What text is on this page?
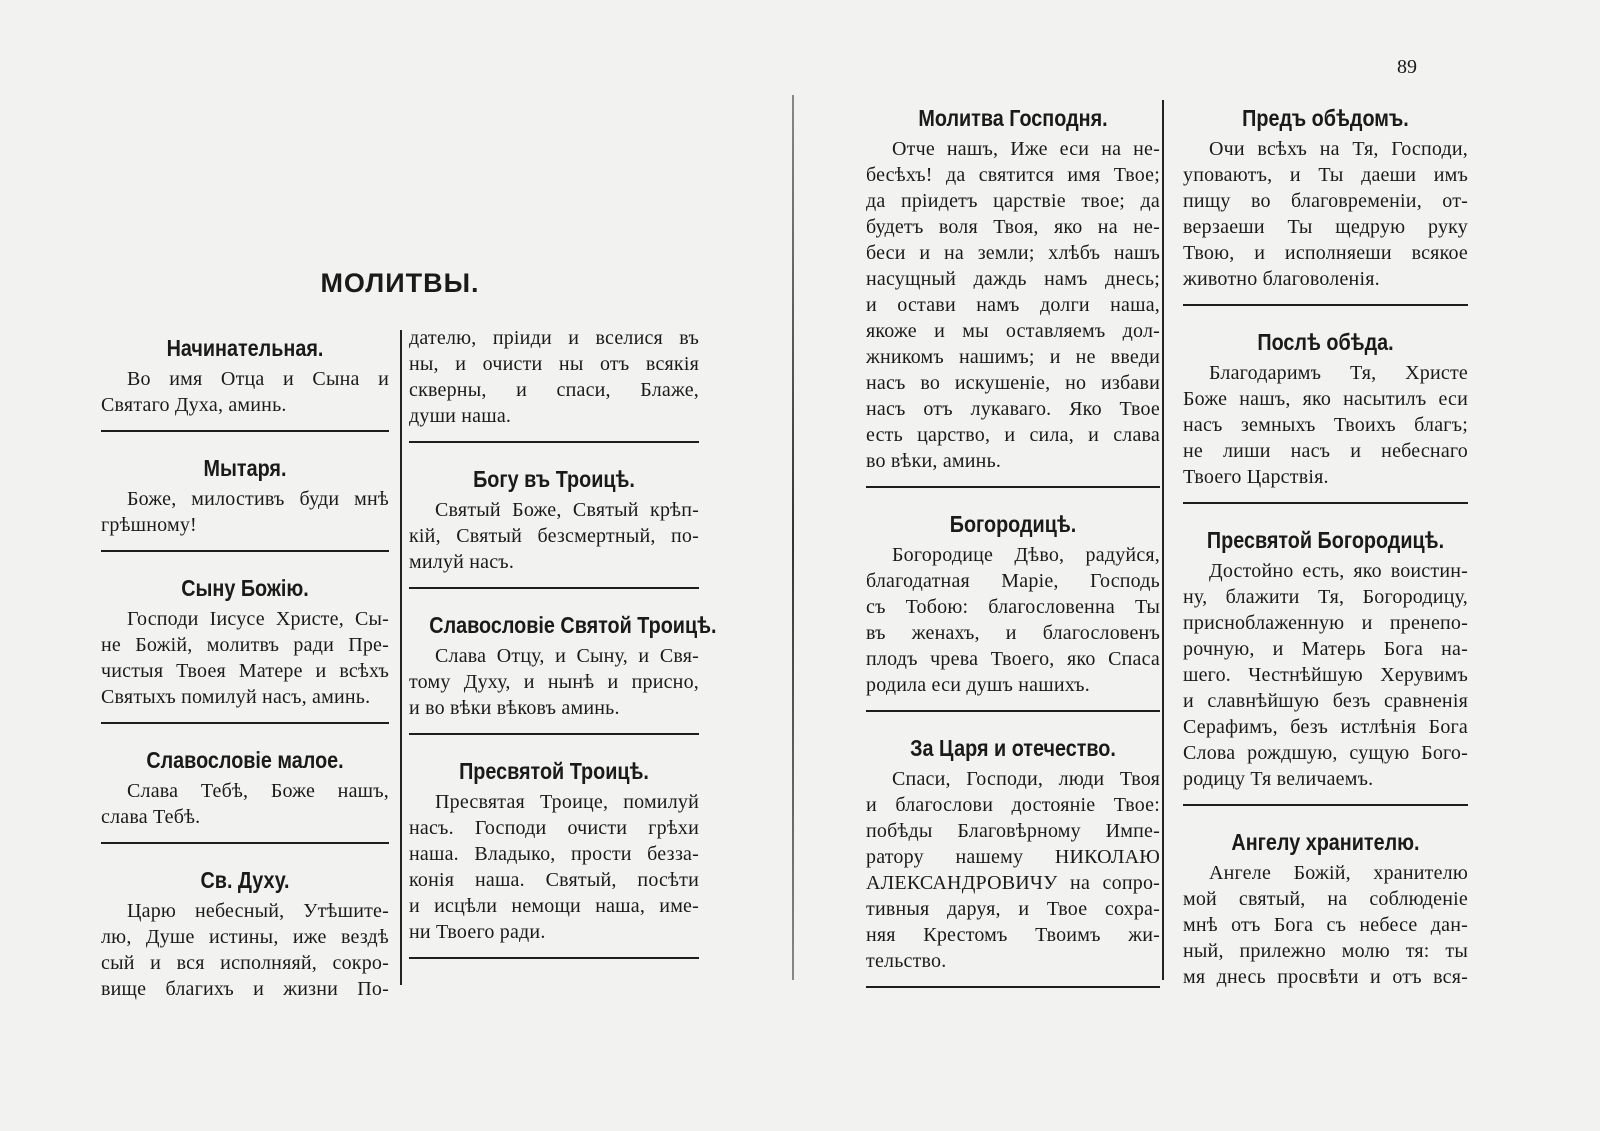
89
МОЛИТВЫ.
Начинательная.
Во имя Отца и Сына и
Святаго Духа, аминь.
Мытаря.
Боже, милостивъ буди мнѣ
грѣшному!
Сыну Божію.
Господи Іисусе Христе, Сы-
не Божій, молитвъ ради Пре-
чистыя Твоея Матере и всѣхъ
Святыхъ помилуй насъ, аминь.
Славословіе малое.
Слава Тебѣ, Боже нашъ,
слава Тебѣ.
Св. Духу.
Царю небесный, Утѣшите-
лю, Душе истины, иже вездѣ
сый и вся исполняяй, сокро-
вище благихъ и жизни По-
дателю, пріиди и вселися въ
ны, и очисти ны отъ всякія
скверны, и спаси, Блаже,
души наша.
Богу въ Троицѣ.
Святый Боже, Святый крѣп-
кій, Святый безсмертный, по-
милуй насъ.
Славословіе Святой Троицѣ.
Слава Отцу, и Сыну, и Свя-
тому Духу, и нынѣ и присно,
и во вѣки вѣковъ аминь.
Пресвятой Троицѣ.
Пресвятая Троице, помилуй
насъ. Господи очисти грѣхи
наша. Владыко, прости безза-
конія наша. Святый, посѣти
и исцѣли немощи наша, име-
ни Твоего ради.
Молитва Господня.
Отче нашъ, Иже еси на не-
бесѣхъ! да святится имя Твое;
да пріидетъ царствіе твое; да
будетъ воля Твоя, яко на не-
беси и на земли; хлѣбъ нашъ
насущный даждь намъ днесь;
и остави намъ долги наша,
якоже и мы оставляемъ дол-
жникомъ нашимъ; и не введи
насъ во искушеніе, но избави
насъ отъ лукаваго. Яко Твое
есть царство, и сила, и слава
во вѣки, аминь.
Богородицѣ.
Богородице Дѣво, радуйся,
благодатная Маріе, Господь
съ Тобою: благословенна Ты
въ женахъ, и благословенъ
плодъ чрева Твоего, яко Спаса
родила еси душъ нашихъ.
За Царя и отечество.
Спаси, Господи, люди Твоя
и благослови достояніе Твое:
побѣды Благовѣрному Импе-
ратору нашему НИКОЛАЮ
АЛЕКСАНДРОВИЧУ на сопро-
тивныя даруя, и Твое сохра-
няя Крестомъ Твоимъ жи-
тельство.
Предъ обѣдомъ.
Очи всѣхъ на Тя, Господи,
уповаютъ, и Ты даеши имъ
пищу во благовременіи, от-
верзаеши Ты щедрую руку
Твою, и исполняеши всякое
животно благоволенія.
Послѣ обѣда.
Благодаримъ Тя, Христе
Боже нашъ, яко насытилъ еси
насъ земныхъ Твоихъ благъ;
не лиши насъ и небеснаго
Твоего Царствія.
Пресвятой Богородицѣ.
Достойно есть, яко воистин-
ну, блажити Тя, Богородицу,
присноблаженную и пренепо-
рочную, и Матерь Бога на-
шего. Честнѣйшую Херувимъ
и славнѣйшую безъ сравненія
Серафимъ, безъ истлѣнія Бога
Слова рождшую, сущую Бого-
родицу Тя величаемъ.
Ангелу хранителю.
Ангеле Божій, хранителю
мой святый, на соблюденіе
мнѣ отъ Бога съ небесе дан-
ный, прилежно молю тя: ты
мя днесь просвѣти и отъ вся-
